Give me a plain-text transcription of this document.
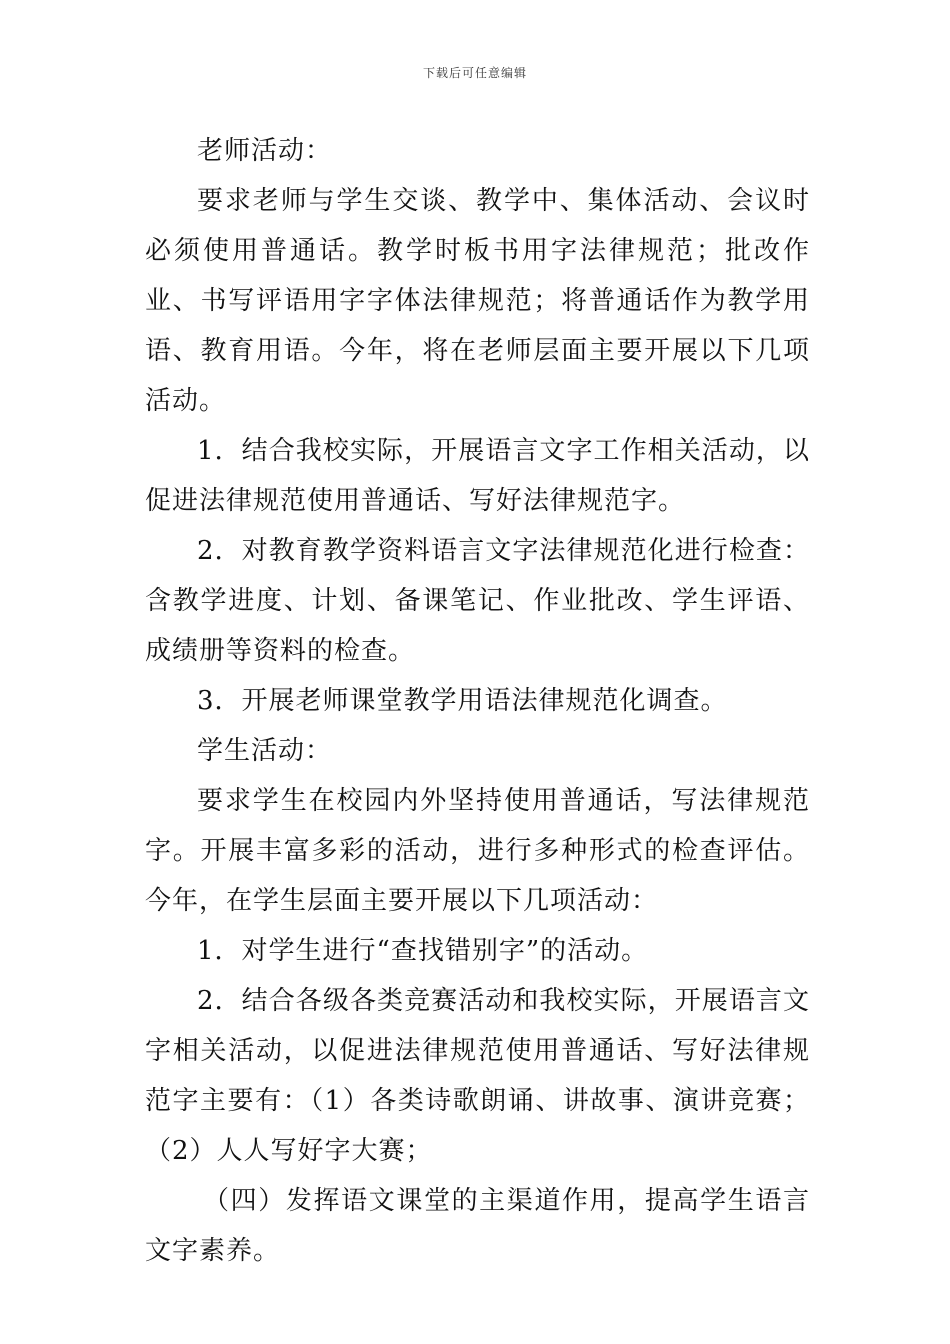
下载后可任意编辑

老师活动：

要求老师与学生交谈、教学中、集体活动、会议时必须使用普通话。教学时板书用字法律规范；批改作业、书写评语用字字体法律规范；将普通话作为教学用语、教育用语。今年，将在老师层面主要开展以下几项活动。

1．结合我校实际，开展语言文字工作相关活动，以促进法律规范使用普通话、写好法律规范字。

2．对教育教学资料语言文字法律规范化进行检查：含教学进度、计划、备课笔记、作业批改、学生评语、成绩册等资料的检查。

3．开展老师课堂教学用语法律规范化调查。

学生活动：

要求学生在校园内外坚持使用普通话，写法律规范字。开展丰富多彩的活动，进行多种形式的检查评估。今年，在学生层面主要开展以下几项活动：

1．对学生进行“查找错别字”的活动。

2．结合各级各类竞赛活动和我校实际，开展语言文字相关活动，以促进法律规范使用普通话、写好法律规范字主要有：（1）各类诗歌朗诵、讲故事、演讲竞赛；（2）人人写好字大赛；

（四）发挥语文课堂的主渠道作用，提高学生语言文字素养。
